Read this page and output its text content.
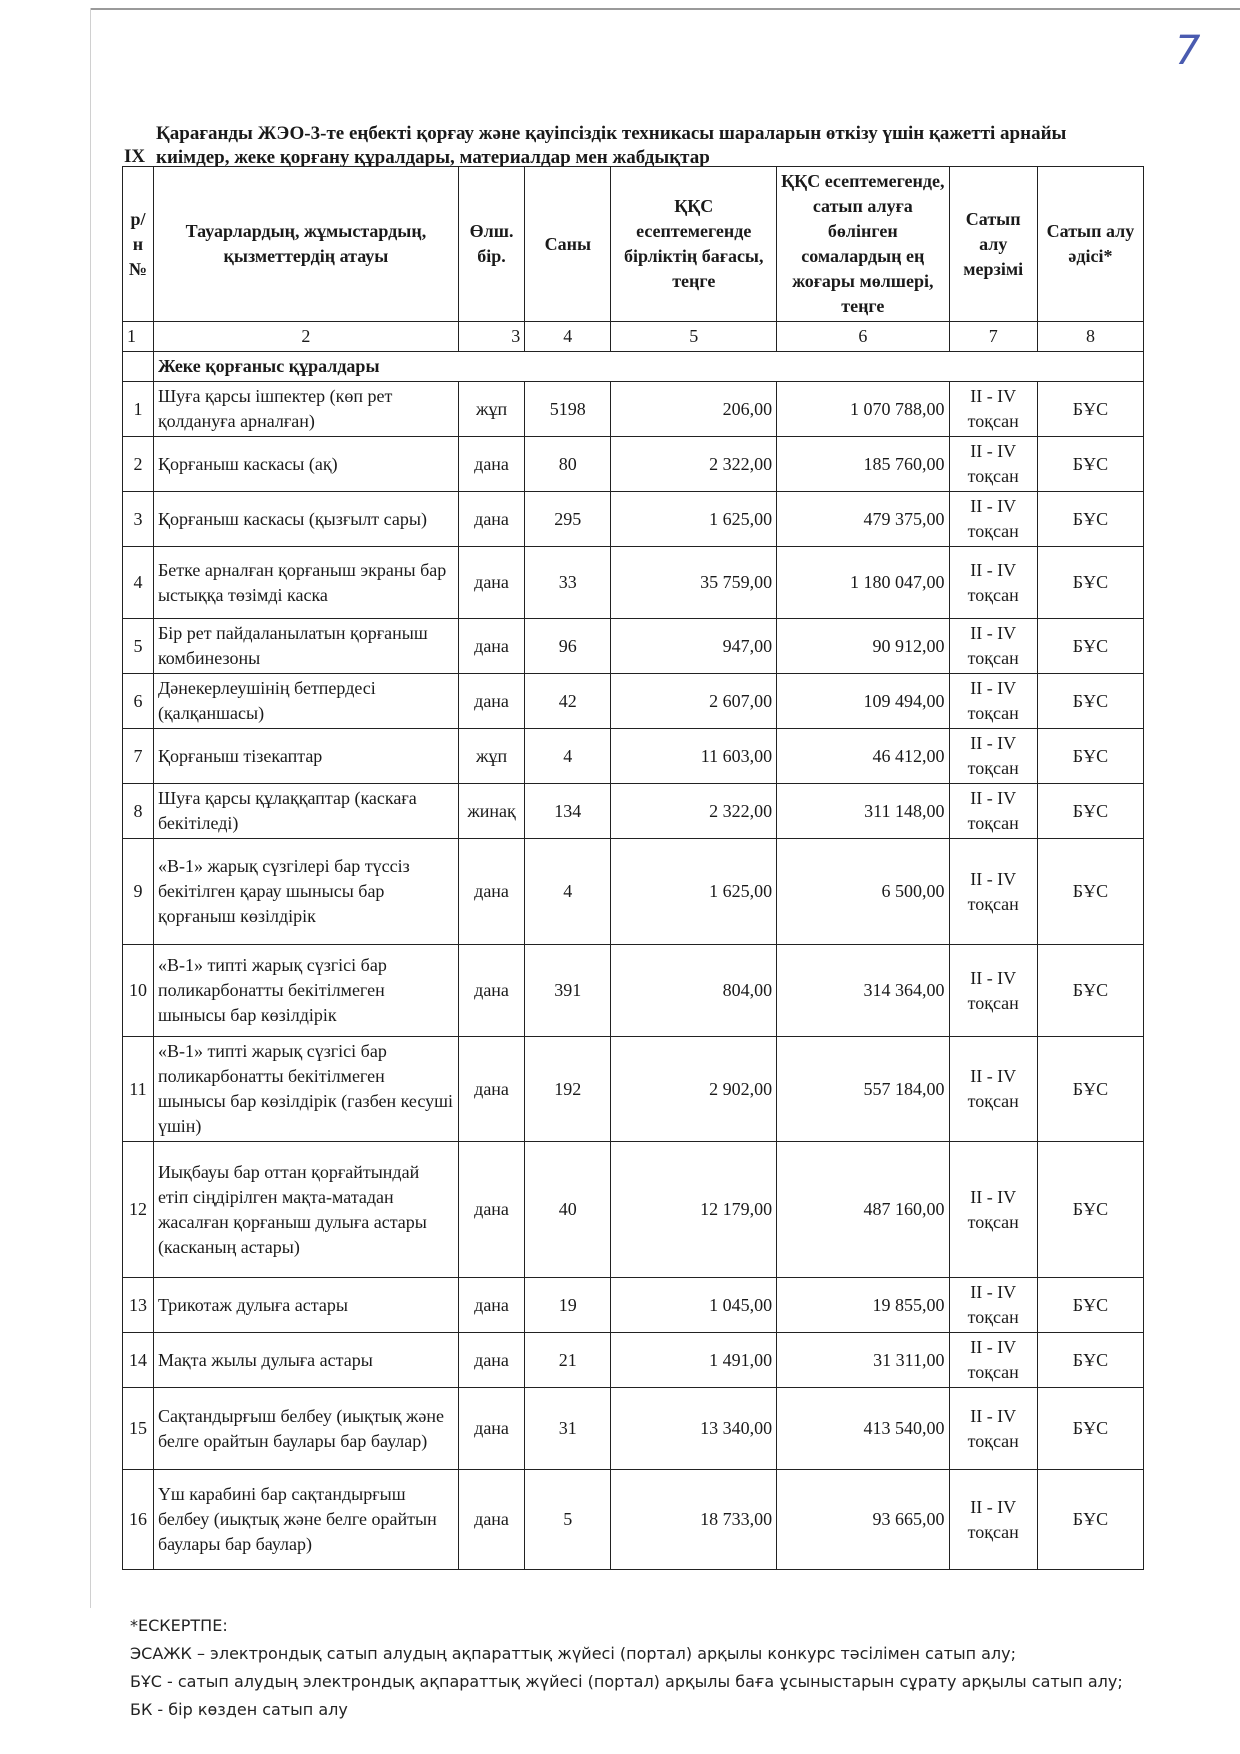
7
IX
Қарағанды ЖЭО-3-те еңбекті қорғау және қауіпсіздік техникасы шараларын өткізу үшін қажетті арнайы киімдер, жеке қорғану құралдары, материалдар мен жабдықтар
р/н №	Тауарлардың, жұмыстардың, қызметтердің атауы	Өлш. бір.	Саны	ҚҚС есептемегенде бірліктің бағасы, теңге	ҚҚС есептемегенде, сатып алуға бөлінген сомалардың ең жоғары мөлшері, теңге	Сатып алу мерзімі	Сатып алу әдісі*
1	2	3	4	5	6	7	8
	Жеке қорғаныс құралдары						
1	Шуға қарсы ішпектер (көп рет қолдануға арналған)	жұп	5198	206,00	1 070 788,00	II - IV тоқсан	БҰС
2	Қорғаныш каскасы (ақ)	дана	80	2 322,00	185 760,00	II - IV тоқсан	БҰС
3	Қорғаныш каскасы (қызғылт сары)	дана	295	1 625,00	479 375,00	II - IV тоқсан	БҰС
4	Бетке арналған қорғаныш экраны бар ыстыққа төзімді каска	дана	33	35 759,00	1 180 047,00	II - IV тоқсан	БҰС
5	Бір рет пайдаланылатын қорғаныш комбинезоны	дана	96	947,00	90 912,00	II - IV тоқсан	БҰС
6	Дәнекерлеушінің бетпердесі (қалқаншасы)	дана	42	2 607,00	109 494,00	II - IV тоқсан	БҰС
7	Қорғаныш тізекаптар	жұп	4	11 603,00	46 412,00	II - IV тоқсан	БҰС
8	Шуға қарсы құлаққаптар (каскаға бекітіледі)	жинақ	134	2 322,00	311 148,00	II - IV тоқсан	БҰС
9	«B-1» жарық сүзгілері бар түссіз бекітілген қарау шынысы бар қорғаныш көзілдірік	дана	4	1 625,00	6 500,00	II - IV тоқсан	БҰС
10	«B-1» типті жарық сүзгісі бар поликарбонатты бекітілмеген шынысы бар көзілдірік	дана	391	804,00	314 364,00	II - IV тоқсан	БҰС
11	«B-1» типті жарық сүзгісі бар поликарбонатты бекітілмеген шынысы бар көзілдірік (газбен кесуші үшін)	дана	192	2 902,00	557 184,00	II - IV тоқсан	БҰС
12	Иықбауы бар оттан қорғайтындай етіп сіңдірілген мақта-матадан жасалған қорғаныш дулыға астары (касканың астары)	дана	40	12 179,00	487 160,00	II - IV тоқсан	БҰС
13	Трикотаж дулыға астары	дана	19	1 045,00	19 855,00	II - IV тоқсан	БҰС
14	Мақта жылы дулыға астары	дана	21	1 491,00	31 311,00	II - IV тоқсан	БҰС
15	Сақтандырғыш белбеу (иықтық және белге орайтын баулары бар баулар)	дана	31	13 340,00	413 540,00	II - IV тоқсан	БҰС
16	Үш карабині бар сақтандырғыш белбеу (иықтық және белге орайтын баулары бар баулар)	дана	5	18 733,00	93 665,00	II - IV тоқсан	БҰС
*ЕСКЕРТПЕ:
ЭСАЖК – электрондық сатып алудың ақпараттық жүйесі (портал) арқылы конкурс тәсілімен сатып алу;
БҰС - сатып алудың электрондық ақпараттық жүйесі (портал) арқылы баға ұсыныстарын сұрату арқылы сатып алу;
БК - бір көзден сатып алу
